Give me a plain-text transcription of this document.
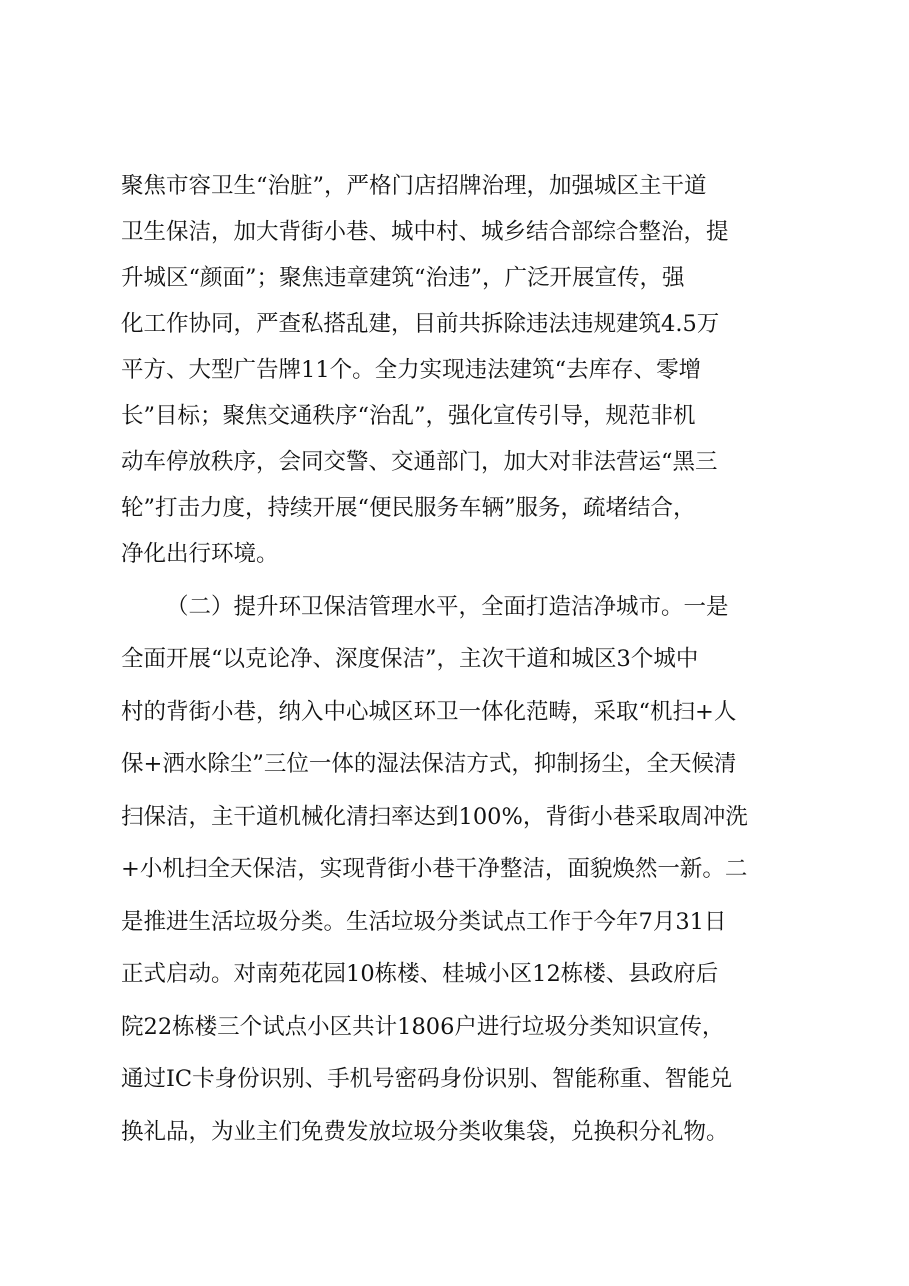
聚焦市容卫生“治脏”，严格门店招牌治理，加强城区主干道
卫生保洁，加大背街小巷、城中村、城乡结合部综合整治，提
升城区“颜面”；聚焦违章建筑“治违”，广泛开展宣传，强
化工作协同，严查私搭乱建，目前共拆除违法违规建筑4.5万
平方、大型广告牌11个。全力实现违法建筑“去库存、零增
长”目标；聚焦交通秩序“治乱”，强化宣传引导，规范非机
动车停放秩序，会同交警、交通部门，加大对非法营运“黑三
轮”打击力度，持续开展“便民服务车辆”服务，疏堵结合，
净化出行环境。
（二）提升环卫保洁管理水平，全面打造洁净城市。一是
全面开展“以克论净、深度保洁”，主次干道和城区3个城中
村的背街小巷，纳入中心城区环卫一体化范畴，采取“机扫+人
保+洒水除尘”三位一体的湿法保洁方式，抑制扬尘，全天候清
扫保洁，主干道机械化清扫率达到100%，背街小巷采取周冲洗
+小机扫全天保洁，实现背街小巷干净整洁，面貌焕然一新。二
是推进生活垃圾分类。生活垃圾分类试点工作于今年7月31日
正式启动。对南苑花园10栋楼、桂城小区12栋楼、县政府后
院22栋楼三个试点小区共计1806户进行垃圾分类知识宣传，
通过IC卡身份识别、手机号密码身份识别、智能称重、智能兑
换礼品，为业主们免费发放垃圾分类收集袋，兑换积分礼物。
